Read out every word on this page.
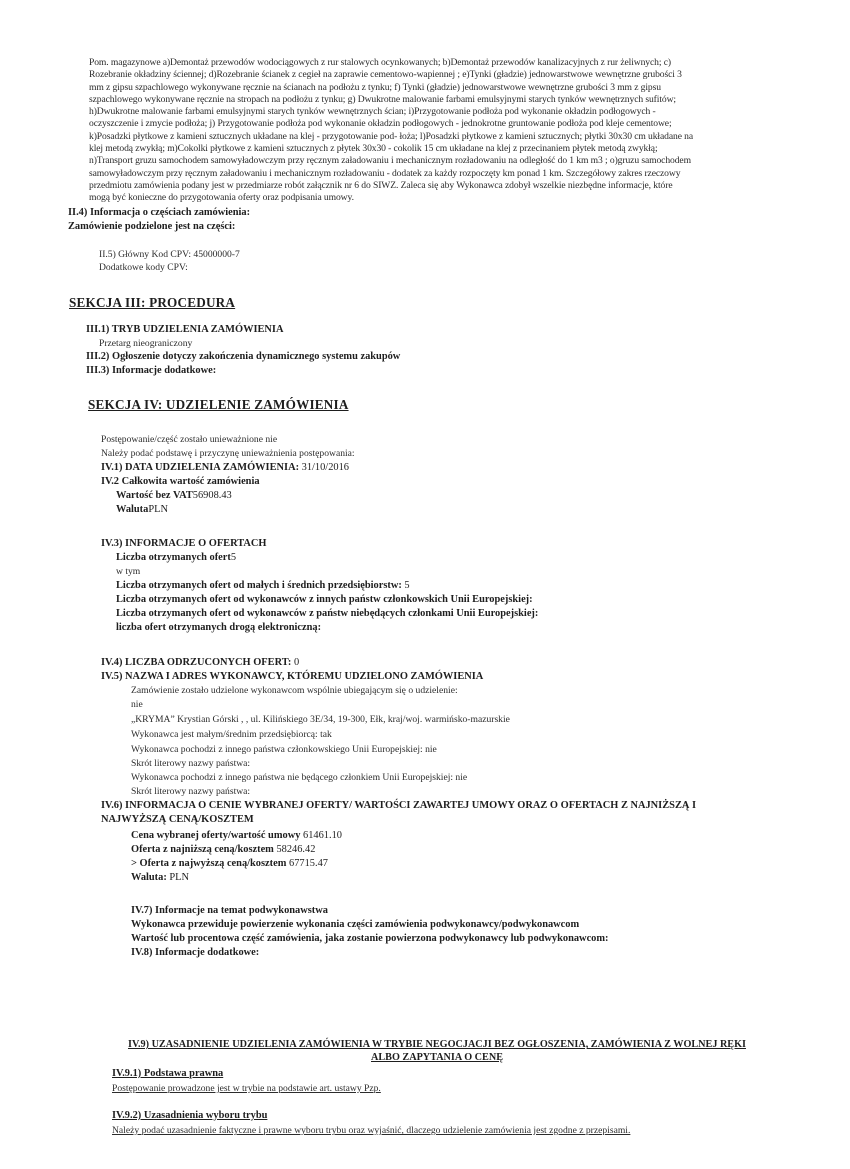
Pom. magazynowe a)Demontaż przewodów wodociągowych z rur stalowych ocynkowanych; b)Demontaż przewodów kanalizacyjnych z rur żeliwnych; c)

Rozebranie okładziny ściennej; d)Rozebranie ścianek z cegieł na zaprawie cementowo-wapiennej ; e)Tynki (gładzie) jednowarstwowe wewnętrzne grubości 3

mm z gipsu szpachlowego wykonywane ręcznie na ścianach na podłożu z tynku; f) Tynki (gładzie) jednowarstwowe wewnętrzne grubości 3 mm z gipsu

szpachlowego wykonywane ręcznie na stropach na podłożu z tynku; g) Dwukrotne malowanie farbami emulsyjnymi starych tynków wewnętrznych sufitów;

h)Dwukrotne malowanie farbami emulsyjnymi starych tynków wewnętrznych ścian; i)Przygotowanie podłoża pod wykonanie okładzin podłogowych -

oczyszczenie i zmycie podłoża; j) Przygotowanie podłoża pod wykonanie okładzin podłogowych - jednokrotne gruntowanie podłoża pod kleje cementowe;

k)Posadzki płytkowe z kamieni sztucznych układane na klej - przygotowanie pod- łoża; l)Posadzki płytkowe z kamieni sztucznych; płytki 30x30 cm układane na

klej metodą zwykłą; m)Cokolki płytkowe z kamieni sztucznych z płytek 30x30 - cokolik 15 cm układane na klej z przecinaniem płytek metodą zwykłą;

n)Transport gruzu samochodem samowyładowczym przy ręcznym załadowaniu i mechanicznym rozładowaniu na odległość do 1 km m3 ; o)gruzu samochodem

samowyładowczym przy ręcznym załadowaniu i mechanicznym rozładowaniu - dodatek za każdy rozpoczęty km ponad 1 km. Szczegółowy zakres rzeczowy

przedmiotu zamówienia podany jest w przedmiarze robót załącznik nr 6 do SIWZ. Zaleca się aby Wykonawca zdobył wszelkie niezbędne informacje, które

mogą być konieczne do przygotowania oferty oraz podpisania umowy.

II.4) Informacja o częściach zamówienia:
Zamówienie podzielone jest na części:
II.5) Główny Kod CPV: 45000000-7
Dodatkowe kody CPV:
SEKCJA III: PROCEDURA
III.1) TRYB UDZIELENIA ZAMÓWIENIA
Przetarg nieograniczony
III.2) Ogłoszenie dotyczy zakończenia dynamicznego systemu zakupów
III.3) Informacje dodatkowe:
SEKCJA IV: UDZIELENIE ZAMÓWIENIA
Postępowanie/część zostało unieważnione nie
Należy podać podstawę i przyczynę unieważnienia postępowania:
IV.1) DATA UDZIELENIA ZAMÓWIENIA: 31/10/2016
IV.2 Całkowita wartość zamówienia
Wartość bez VAT56908.43
WalutaPLN
IV.3) INFORMACJE O OFERTACH
Liczba otrzymanych ofert5
w tym
Liczba otrzymanych ofert od małych i średnich przedsiębiorstw: 5
Liczba otrzymanych ofert od wykonawców z innych państw członkowskich Unii Europejskiej:
Liczba otrzymanych ofert od wykonawców z państw niebędących członkami Unii Europejskiej:
liczba ofert otrzymanych drogą elektroniczną:
IV.4) LICZBA ODRZUCONYCH OFERT: 0
IV.5) NAZWA I ADRES WYKONAWCY, KTÓREMU UDZIELONO ZAMÓWIENIA
Zamówienie zostało udzielone wykonawcom wspólnie ubiegającym się o udzielenie:
nie
„KRYMA” Krystian Górski , , ul. Kilińskiego 3E/34, 19-300, Ełk, kraj/woj. warmińsko-mazurskie
Wykonawca jest małym/średnim przedsiębiorcą: tak
Wykonawca pochodzi z innego państwa członkowskiego Unii Europejskiej: nie
Skrót literowy nazwy państwa:
Wykonawca pochodzi z innego państwa nie będącego członkiem Unii Europejskiej: nie
Skrót literowy nazwy państwa:
IV.6) INFORMACJA O CENIE WYBRANEJ OFERTY/ WARTOŚCI ZAWARTEJ UMOWY ORAZ O OFERTACH Z NAJNIŻSZĄ I
NAJWYŻSZĄ CENĄ/KOSZTEM
Cena wybranej oferty/wartość umowy 61461.10
Oferta z najniższą ceną/kosztem 58246.42
> Oferta z najwyższą ceną/kosztem 67715.47
Waluta: PLN
IV.7) Informacje na temat podwykonawstwa
Wykonawca przewiduje powierzenie wykonania części zamówienia podwykonawcy/podwykonawcom
Wartość lub procentowa część zamówienia, jaka zostanie powierzona podwykonawcy lub podwykonawcom:
IV.8) Informacje dodatkowe:
IV.9) UZASADNIENIE UDZIELENIA ZAMÓWIENIA W TRYBIE NEGOCJACJI BEZ OGŁOSZENIA, ZAMÓWIENIA Z WOLNEJ RĘKI
ALBO ZAPYTANIA O CENĘ
IV.9.1) Podstawa prawna
Postępowanie prowadzone jest w trybie na podstawie art. ustawy Pzp.
IV.9.2) Uzasadnienia wyboru trybu
Należy podać uzasadnienie faktyczne i prawne wyboru trybu oraz wyjaśnić, dlaczego udzielenie zamówienia jest zgodne z przepisami.
